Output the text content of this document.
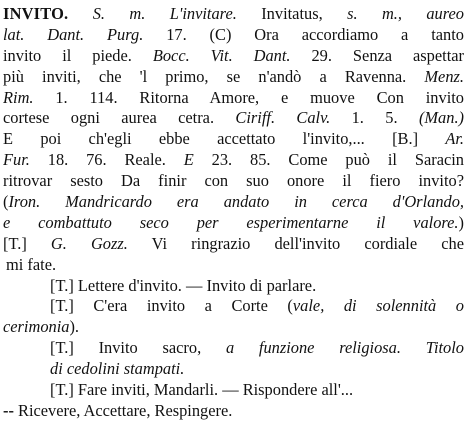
INVITO. S. m. L'invitare. Invitatus, s. m., aureo
lat. Dant. Purg. 17. (C) Ora accordiamo a tanto
invito il piede. Bocc. Vit. Dant. 29. Senza aspettar
più inviti, che 'l primo, se n'andò a Ravenna. Menz.
Rim. 1. 114. Ritorna Amore, e muove Con invito
cortese ogni aurea cetra. Ciriff. Calv. 1. 5. (Man.)
E poi ch'egli ebbe accettato l'invito,... [B.] Ar.
Fur. 18. 76. Reale. E 23. 85. Come può il Saracin
ritrovar sesto Da finir con suo onore il fiero invito?
(Iron. Mandricardo era andato in cerca d'Orlando,
e combattuto seco per esperimentarne il valore.)
[T.] G. Gozz. Vi ringrazio dell'invito cordiale che
mi fate.
[T.] Lettere d'invito. — Invito di parlare.
[T.] C'era invito a Corte (vale, di solennità o
cerimonia).
[T.] Invito sacro, a funzione religiosa. Titolo
di cedolini stampati.
[T.] Fare inviti, Mandarli. — Rispondere all'...
-- Ricevere, Accettare, Respingere.
